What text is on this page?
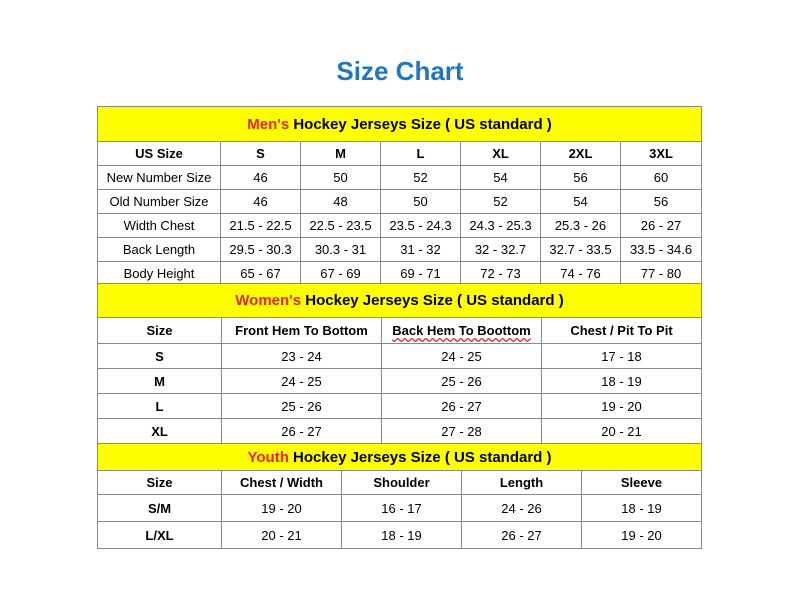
Size Chart
Men's Hockey Jerseys Size ( US standard )						
US Size	S	M	L	XL	2XL	3XL
New Number Size	46	50	52	54	56	60
Old Number Size	46	48	50	52	54	56
Width Chest	21.5 - 22.5	22.5 - 23.5	23.5 - 24.3	24.3 - 25.3	25.3 - 26	26 - 27
Back Length	29.5 - 30.3	30.3 - 31	31 - 32	32 - 32.7	32.7 - 33.5	33.5 - 34.6
Body Height	65 - 67	67 - 69	69 - 71	72 - 73	74 - 76	77 - 80
Women's Hockey Jerseys Size ( US standard )			
Size	Front Hem To Bottom	Back Hem To Boottom	Chest / Pit To Pit
S	23 - 24	24 - 25	17 - 18
M	24 - 25	25 - 26	18 - 19
L	25 - 26	26 - 27	19 - 20
XL	26 - 27	27 - 28	20 - 21
Youth Hockey Jerseys Size ( US standard )				
Size	Chest / Width	Shoulder	Length	Sleeve
S/M	19 - 20	16 - 17	24 - 26	18 - 19
L/XL	20 - 21	18 - 19	26 - 27	19 - 20
